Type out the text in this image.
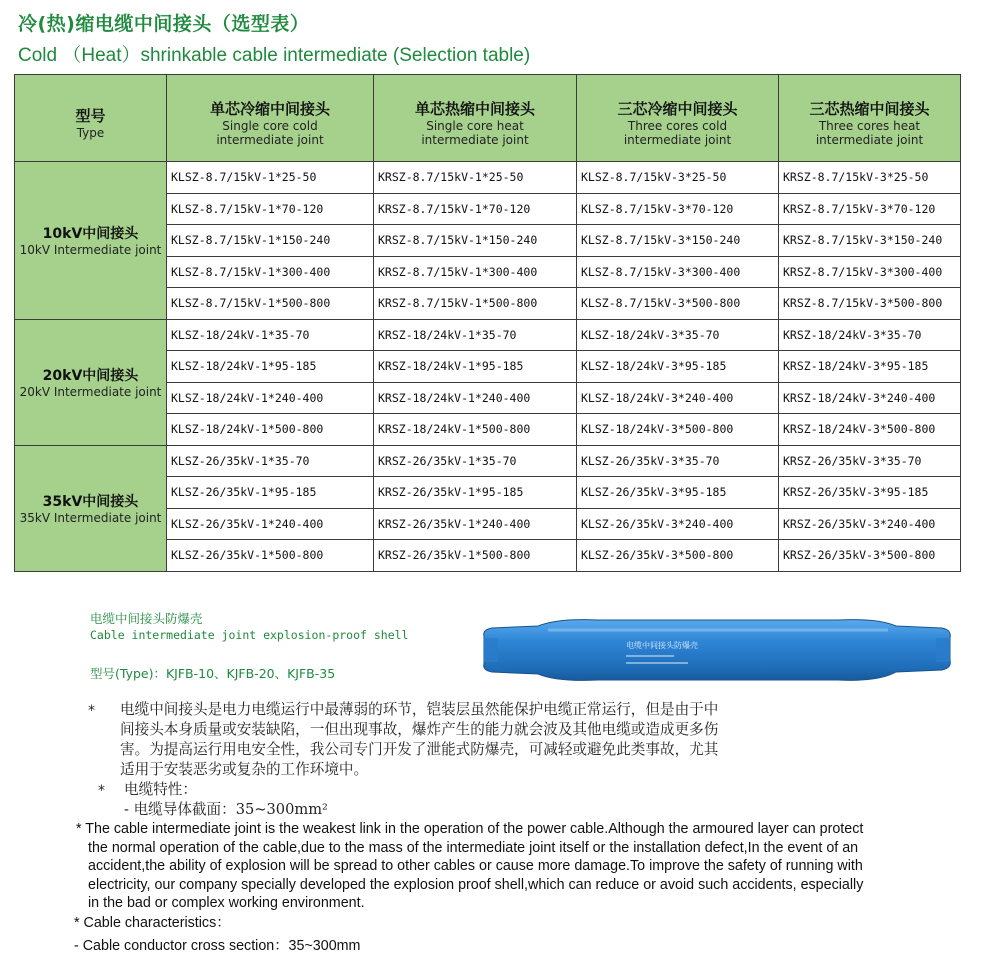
冷(热)缩电缆中间接头（选型表）
Cold （Heat）shrinkable cable intermediate (Selection table)
型号
Type	单芯冷缩中间接头
Single core cold
intermediate joint	单芯热缩中间接头
Single core heat
intermediate joint	三芯冷缩中间接头
Three cores cold
intermediate joint	三芯热缩中间接头
Three cores heat
intermediate joint

10kV中间接头
10kV Intermediate joint	KLSZ-8.7/15kV-1*25-50	KRSZ-8.7/15kV-1*25-50	KLSZ-8.7/15kV-3*25-50	KRSZ-8.7/15kV-3*25-50
	KLSZ-8.7/15kV-1*70-120	KRSZ-8.7/15kV-1*70-120	KLSZ-8.7/15kV-3*70-120	KRSZ-8.7/15kV-3*70-120
	KLSZ-8.7/15kV-1*150-240	KRSZ-8.7/15kV-1*150-240	KLSZ-8.7/15kV-3*150-240	KRSZ-8.7/15kV-3*150-240
	KLSZ-8.7/15kV-1*300-400	KRSZ-8.7/15kV-1*300-400	KLSZ-8.7/15kV-3*300-400	KRSZ-8.7/15kV-3*300-400
	KLSZ-8.7/15kV-1*500-800	KRSZ-8.7/15kV-1*500-800	KLSZ-8.7/15kV-3*500-800	KRSZ-8.7/15kV-3*500-800

20kV中间接头
20kV Intermediate joint	KLSZ-18/24kV-1*35-70	KRSZ-18/24kV-1*35-70	KLSZ-18/24kV-3*35-70	KRSZ-18/24kV-3*35-70
	KLSZ-18/24kV-1*95-185	KRSZ-18/24kV-1*95-185	KLSZ-18/24kV-3*95-185	KRSZ-18/24kV-3*95-185
	KLSZ-18/24kV-1*240-400	KRSZ-18/24kV-1*240-400	KLSZ-18/24kV-3*240-400	KRSZ-18/24kV-3*240-400
	KLSZ-18/24kV-1*500-800	KRSZ-18/24kV-1*500-800	KLSZ-18/24kV-3*500-800	KRSZ-18/24kV-3*500-800

35kV中间接头
35kV Intermediate joint	KLSZ-26/35kV-1*35-70	KRSZ-26/35kV-1*35-70	KLSZ-26/35kV-3*35-70	KRSZ-26/35kV-3*35-70
	KLSZ-26/35kV-1*95-185	KRSZ-26/35kV-1*95-185	KLSZ-26/35kV-3*95-185	KRSZ-26/35kV-3*95-185
	KLSZ-26/35kV-1*240-400	KRSZ-26/35kV-1*240-400	KLSZ-26/35kV-3*240-400	KRSZ-26/35kV-3*240-400
	KLSZ-26/35kV-1*500-800	KRSZ-26/35kV-1*500-800	KLSZ-26/35kV-3*500-800	KRSZ-26/35kV-3*500-800
电缆中间接头防爆壳
Cable intermediate joint explosion-proof shell
型号(Type)：KJFB-10、KJFB-20、KJFB-35
电缆中间接头防爆壳
* 电缆中间接头是电力电缆运行中最薄弱的环节，铠装层虽然能保护电缆正常运行，但是由于中
间接头本身质量或安装缺陷，一但出现事故，爆炸产生的能力就会波及其他电缆或造成更多伤
害。为提高运行用电安全性，我公司专门开发了泄能式防爆壳，可减轻或避免此类事故，尤其
适用于安装恶劣或复杂的工作环境中。
* 电缆特性：
- 电缆导体截面：35~300mm²
* The cable intermediate joint is the weakest link in the operation of the power cable.Although the armoured layer can protect
the normal operation of the cable,due to the mass of the intermediate joint itself or the installation defect,In the event of an
accident,the ability of explosion will be spread to other cables or cause more damage.To improve the safety of running with
electricity, our company specially developed the explosion proof shell,which can reduce or avoid such accidents, especially
in the bad or complex working environment.
* Cable characteristics：
- Cable conductor cross section：35~300mm
